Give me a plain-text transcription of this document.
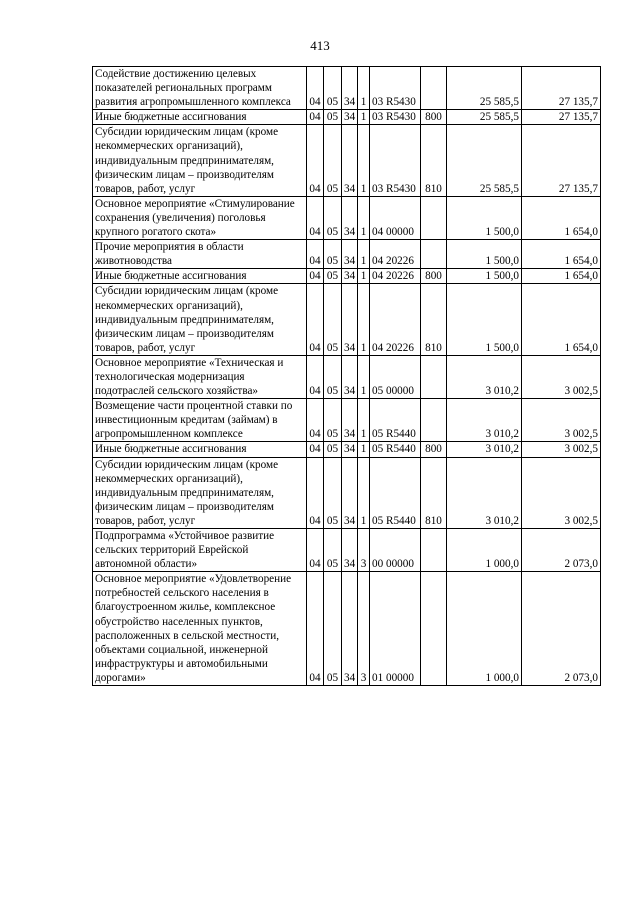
413
Содействие достижению целевых показателей региональных программ развития агропромышленного комплекса	04	05	34	1	03 R5430		25 585,5	27 135,7
Иные бюджетные ассигнования	04	05	34	1	03 R5430	800	25 585,5	27 135,7
Субсидии юридическим лицам (кроме некоммерческих организаций), индивидуальным предпринимателям, физическим лицам – производителям товаров, работ, услуг	04	05	34	1	03 R5430	810	25 585,5	27 135,7
Основное мероприятие «Стимулирование сохранения (увеличения) поголовья крупного рогатого скота»	04	05	34	1	04 00000		1 500,0	1 654,0
Прочие мероприятия в области животноводства	04	05	34	1	04 20226		1 500,0	1 654,0
Иные бюджетные ассигнования	04	05	34	1	04 20226	800	1 500,0	1 654,0
Субсидии юридическим лицам (кроме некоммерческих организаций), индивидуальным предпринимателям, физическим лицам – производителям товаров, работ, услуг	04	05	34	1	04 20226	810	1 500,0	1 654,0
Основное мероприятие «Техническая и технологическая модернизация подотраслей сельского хозяйства»	04	05	34	1	05 00000		3 010,2	3 002,5
Возмещение части процентной ставки по инвестиционным кредитам (займам) в агропромышленном комплексе	04	05	34	1	05 R5440		3 010,2	3 002,5
Иные бюджетные ассигнования	04	05	34	1	05 R5440	800	3 010,2	3 002,5
Субсидии юридическим лицам (кроме некоммерческих организаций), индивидуальным предпринимателям, физическим лицам – производителям товаров, работ, услуг	04	05	34	1	05 R5440	810	3 010,2	3 002,5
Подпрограмма «Устойчивое развитие сельских территорий Еврейской автономной области»	04	05	34	3	00 00000		1 000,0	2 073,0
Основное мероприятие «Удовлетворение потребностей сельского населения в благоустроенном жилье, комплексное обустройство населенных пунктов, расположенных в сельской местности, объектами социальной, инженерной инфраструктуры и автомобильными дорогами»	04	05	34	3	01 00000		1 000,0	2 073,0
